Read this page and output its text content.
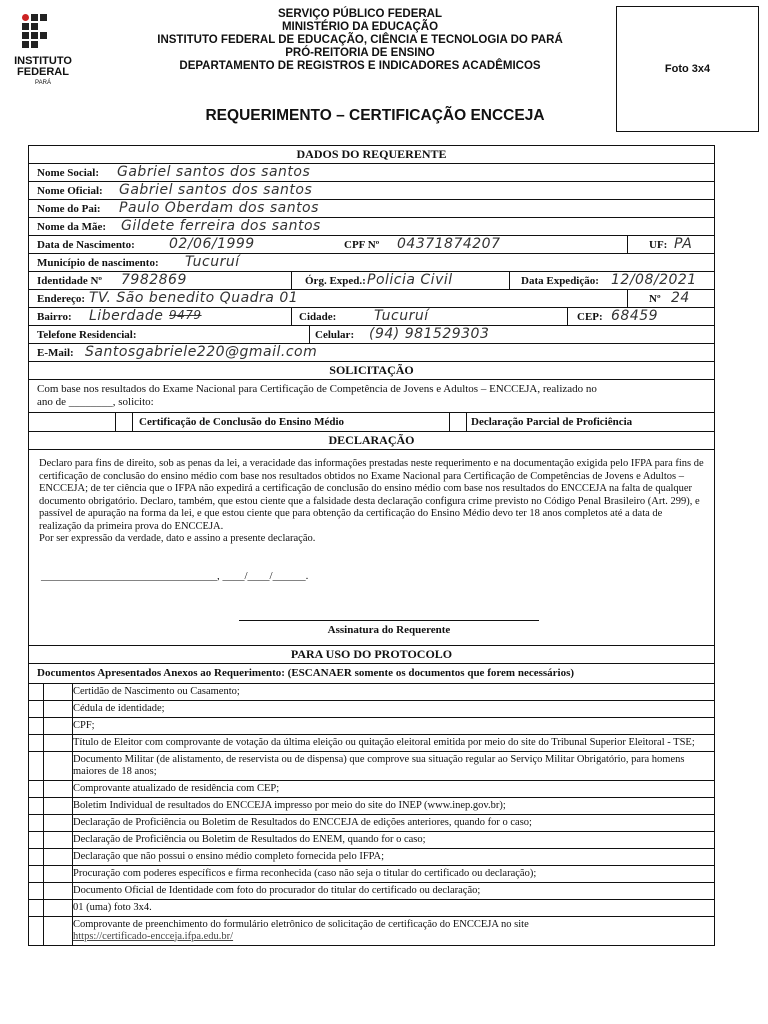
INSTITUTO FEDERAL
PARÁ
SERVIÇO PÚBLICO FEDERAL
MINISTÉRIO DA EDUCAÇÃO
INSTITUTO FEDERAL DE EDUCAÇÃO, CIÊNCIA E TECNOLOGIA DO PARÁ
PRÓ-REITORIA DE ENSINO
DEPARTAMENTO DE REGISTROS E INDICADORES ACADÊMICOS	Foto 3x4
REQUERIMENTO – CERTIFICAÇÃO ENCCEJA
DADOS DO REQUERENTE
Nome Social: Gabriel santos dos santos
Nome Oficial: Gabriel santos dos santos
Nome do Pai: Paulo Oberdam dos santos
Nome da Mãe: Gildete ferreira dos santos
Data de Nascimento: 02/06/1999	CPF Nº 04371874207	UF: PA
Município de nascimento: Tucuruí
Identidade Nº 7982869	Órg. Exped.: Policia Civil	Data Expedição: 12/08/2021
Endereço: TV. São benedito Quadra 01	Nº 24
Bairro: Liberdade 9479	Cidade:	Tucuruí	CEP: 68459
Telefone Residencial:	Celular: (94) 981529303
E-Mail: Santosgabriele220@gmail.com
SOLICITAÇÃO
Com base nos resultados do Exame Nacional para Certificação de Competência de Jovens e Adultos – ENCCEJA, realizado no
ano de ________, solicito:
Certificação de Conclusão do Ensino Médio	Declaração Parcial de Proficiência
DECLARAÇÃO
Declaro para fins de direito, sob as penas da lei, a veracidade das informações prestadas neste requerimento e na documentação exigida pelo IFPA para fins de certificação de conclusão do ensino médio com base nos resultados obtidos no Exame Nacional para Certificação de Competências de Jovens e Adultos – ENCCEJA; de ter ciência que o IFPA não expedirá a certificação de conclusão do ensino médio com base nos resultados do ENCCEJA na falta de qualquer documento obrigatório. Declaro, também, que estou ciente que a falsidade desta declaração configura crime previsto no Código Penal Brasileiro (Art. 299), e passível de apuração na forma da lei, e que estou ciente que para obtenção da certificação do Ensino Médio devo ter 18 anos completos até a data de realização da primeira prova do ENCCEJA.
Por ser expressão da verdade, dato e assino a presente declaração.
________________________________, ____/____/______.
Assinatura do Requerente
PARA USO DO PROTOCOLO
Documentos Apresentados Anexos ao Requerimento: (ESCANAER somente os documentos que forem necessários)
Certidão de Nascimento ou Casamento;
Cédula de identidade;
CPF;
Título de Eleitor com comprovante de votação da última eleição ou quitação eleitoral emitida por meio do site do Tribunal Superior Eleitoral - TSE;
Documento Militar (de alistamento, de reservista ou de dispensa) que comprove sua situação regular ao Serviço Militar Obrigatório, para homens maiores de 18 anos;
Comprovante atualizado de residência com CEP;
Boletim Individual de resultados do ENCCEJA impresso por meio do site do INEP (www.inep.gov.br);
Declaração de Proficiência ou Boletim de Resultados do ENCCEJA de edições anteriores, quando for o caso;
Declaração de Proficiência ou Boletim de Resultados do ENEM, quando for o caso;
Declaração que não possui o ensino médio completo fornecida pelo IFPA;
Procuração com poderes específicos e firma reconhecida (caso não seja o titular do certificado ou declaração);
Documento Oficial de Identidade com foto do procurador do titular do certificado ou declaração;
01 (uma) foto 3x4.
Comprovante de preenchimento do formulário eletrônico de solicitação de certificação do ENCCEJA no site
https://certificado-encceja.ifpa.edu.br/
